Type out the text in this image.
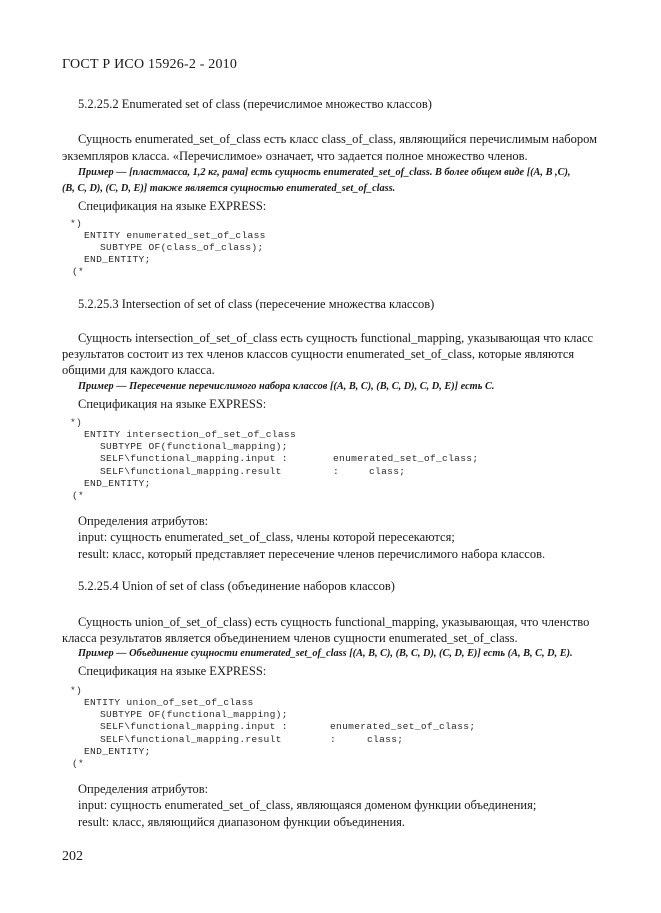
ГОСТ Р ИСО 15926-2 - 2010
5.2.25.2 Enumerated set of class (перечислимое множество классов)
Сущность enumerated_set_of_class есть класс class_of_class, являющийся перечислимым набором
экземпляров класса. «Перечислимое» означает, что задается полное множество членов.
Пример — [пластмасса, 1,2 кг, рама] есть сущность enumerated_set_of_class. В более общем виде [(A, B ,C),
(B, C, D), (C, D, E)] также является сущностью enumerated_set_of_class.
Спецификация на языке EXPRESS:
*)
ENTITY enumerated_set_of_class
SUBTYPE OF(class_of_class);
END_ENTITY;
(*
5.2.25.3 Intersection of set of class (пересечение множества классов)
Сущность intersection_of_set_of_class есть сущность functional_mapping, указывающая что класс
результатов состоит из тех членов классов сущности enumerated_set_of_class, которые являются
общими для каждого класса.
Пример — Пересечение перечислимого набора классов [(A, B, C), (B, C, D), C, D, E)] есть C.
Спецификация на языке EXPRESS:
*)
ENTITY intersection_of_set_of_class
SUBTYPE OF(functional_mapping);
SELF\functional_mapping.input :	enumerated_set_of_class;
SELF\functional_mapping.result	:	class;
END_ENTITY;
(*
Определения атрибутов:
input: сущность enumerated_set_of_class, члены которой пересекаются;
result: класс, который представляет пересечение членов перечислимого набора классов.
5.2.25.4 Union of set of class (объединение наборов классов)
Сущность union_of_set_of_class) есть сущность functional_mapping, указывающая, что членство
класса результатов является объединением членов сущности enumerated_set_of_class.
Пример — Объединение сущности enumerated_set_of_class [(A, B, C), (B, C, D), (C, D, E)] есть (A, B, C, D, E).
Спецификация на языке EXPRESS:
*)
ENTITY union_of_set_of_class
SUBTYPE OF(functional_mapping);
SELF\functional_mapping.input :	enumerated_set_of_class;
SELF\functional_mapping.result	:	class;
END_ENTITY;
(*
Определения атрибутов:
input: сущность enumerated_set_of_class, являющаяся доменом функции объединения;
result: класс, являющийся диапазоном функции объединения.
202
